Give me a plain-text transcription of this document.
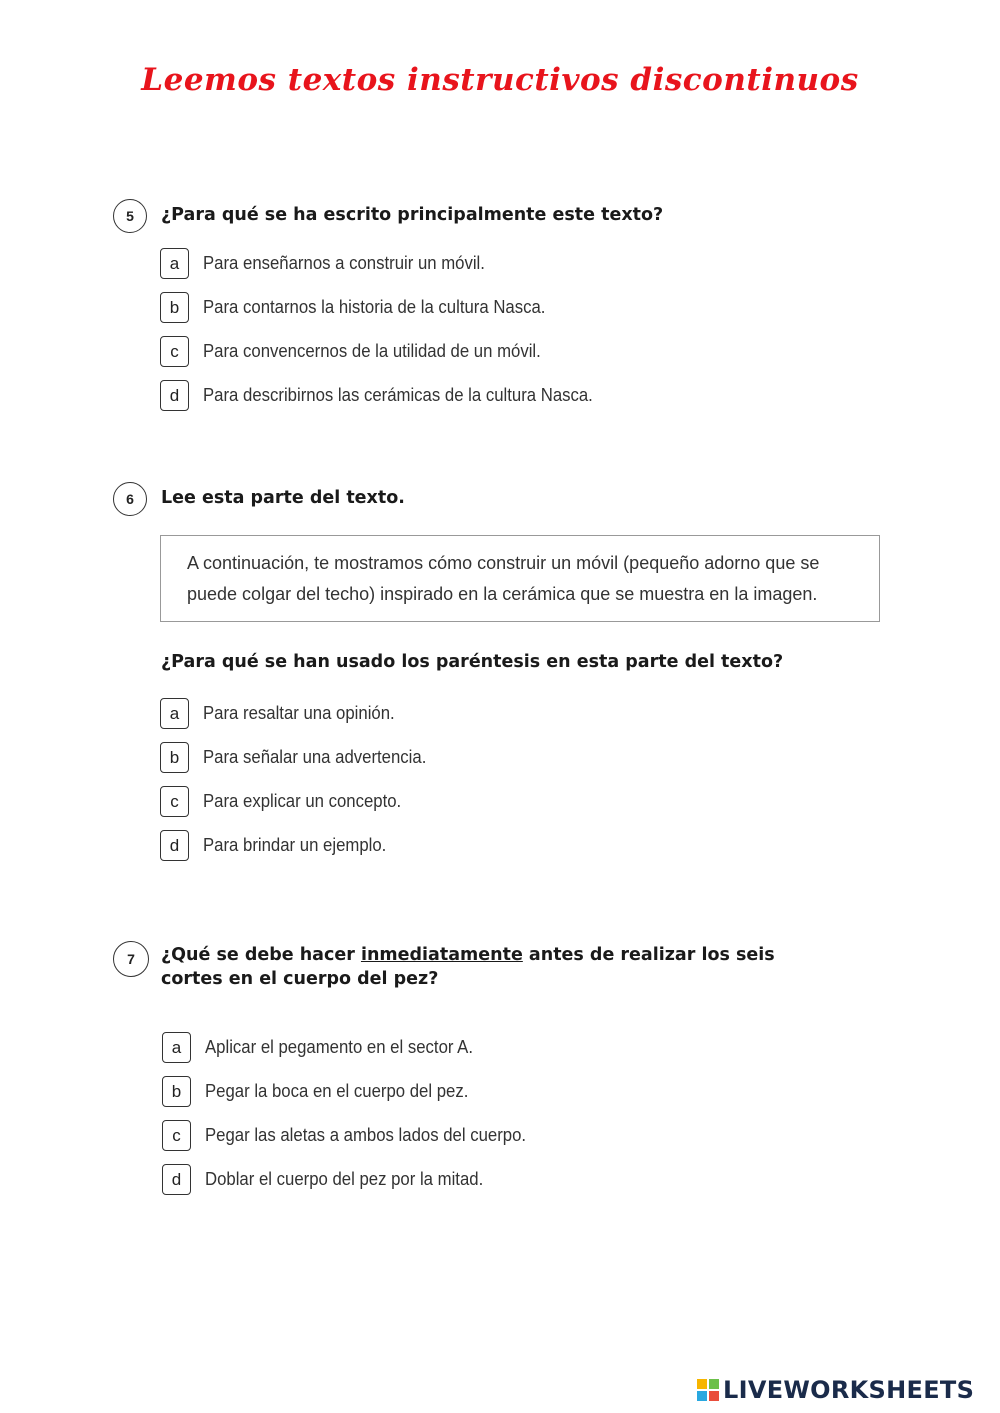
Leemos textos instructivos discontinuos
5	¿Para qué se ha escrito principalmente este texto?
a	Para enseñarnos a construir un móvil.
b	Para contarnos la historia de la cultura Nasca.
c	Para convencernos de la utilidad de un móvil.
d	Para describirnos las cerámicas de la cultura Nasca.
6	Lee esta parte del texto.
A continuación, te mostramos cómo construir un móvil (pequeño adorno que se puede colgar del techo) inspirado en la cerámica que se muestra en la imagen.
¿Para qué se han usado los paréntesis en esta parte del texto?
a	Para resaltar una opinión.
b	Para señalar una advertencia.
c	Para explicar un concepto.
d	Para brindar un ejemplo.
7	¿Qué se debe hacer inmediatamente antes de realizar los seis cortes en el cuerpo del pez?
a	Aplicar el pegamento en el sector A.
b	Pegar la boca en el cuerpo del pez.
c	Pegar las aletas a ambos lados del cuerpo.
d	Doblar el cuerpo del pez por la mitad.
LIVEWORKSHEETS
